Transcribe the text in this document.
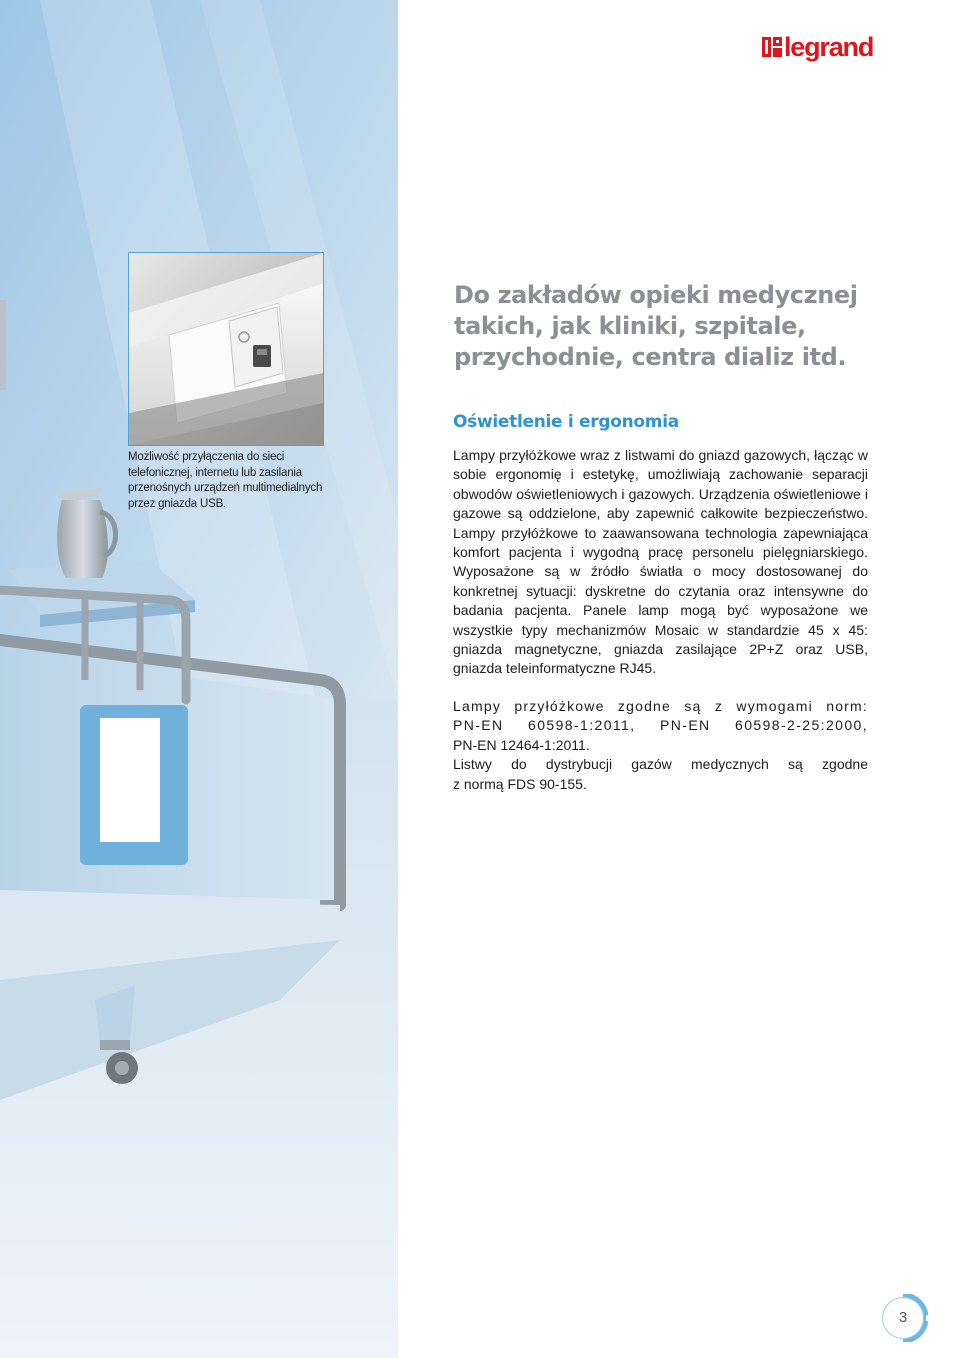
Możliwość przyłączenia do sieci telefonicznej, internetu lub zasilania przenośnych urządzeń multimedialnych przez gniazda USB.

legrand
Do zakładów opieki medycznej
takich, jak kliniki, szpitale,
przychodnie, centra dializ itd.
Oświetlenie i ergonomia

Lampy przyłóżkowe wraz z listwami do gniazd gazowych, łącząc w sobie ergonomię i estetykę, umożliwiają zachowanie separacji obwodów oświetleniowych i gazowych. Urządzenia oświetleniowe i gazowe są oddzielone, aby zapewnić całkowite bezpieczeństwo. Lampy przyłóżkowe to zaawansowana technologia zapewniająca komfort pacjenta i wygodną pracę personelu pielęgniarskiego. Wyposażone są w źródło światła o mocy dostosowanej do konkretnej sytuacji: dyskretne do czytania oraz intensywne do badania pacjenta. Panele lamp mogą być wyposażone we wszystkie typy mechanizmów Mosaic w standardzie 45 x 45: gniazda magnetyczne, gniazda zasilające 2P+Z oraz USB, gniazda teleinformatyczne RJ45.

Lampy przyłóżkowe zgodne są z wymogami norm:
PN-EN 60598-1:2011, PN-EN 60598-2-25:2000,
PN-EN 12464-1:2011.
Listwy do dystrybucji gazów medycznych są zgodne
z normą FDS 90-155.

3
